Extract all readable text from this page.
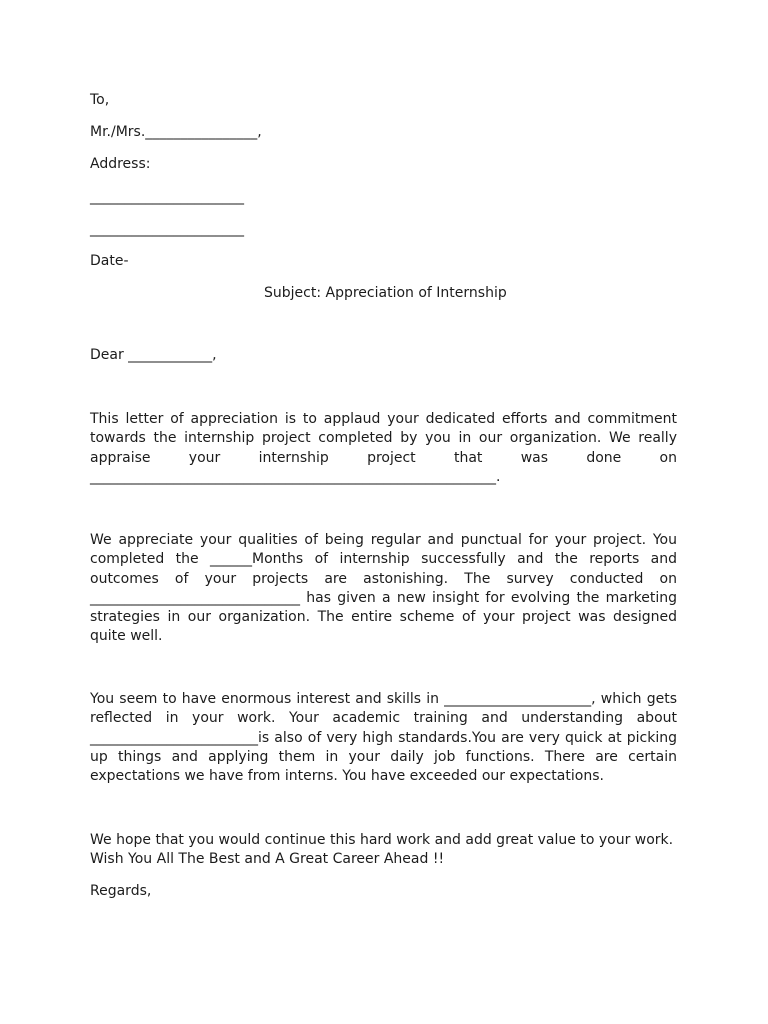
To,
Mr./Mrs.________________,
Address:
______________________
______________________
Date-
Subject: Appreciation of Internship
Dear ____________,

This letter of appreciation is to applaud your dedicated efforts and commitment towards the internship project completed by you in our organization. We really appraise your internship project that was done on __________________________________________________________.

We appreciate your qualities of being regular and punctual for your project. You completed the ______Months of internship successfully and the reports and outcomes of your projects are astonishing. The survey conducted on ______________________________ has given a new insight for evolving the marketing strategies in our organization. The entire scheme of your project was designed quite well.

You seem to have enormous interest and skills in _____________________, which gets reflected in your work. Your academic training and understanding about ________________________is also of very high standards.You are very quick at picking up things and applying them in your daily job functions. There are certain expectations we have from interns. You have exceeded our expectations.

We hope that you would continue this hard work and add great value to your work.
Wish You All The Best and A Great Career Ahead !!
Regards,
